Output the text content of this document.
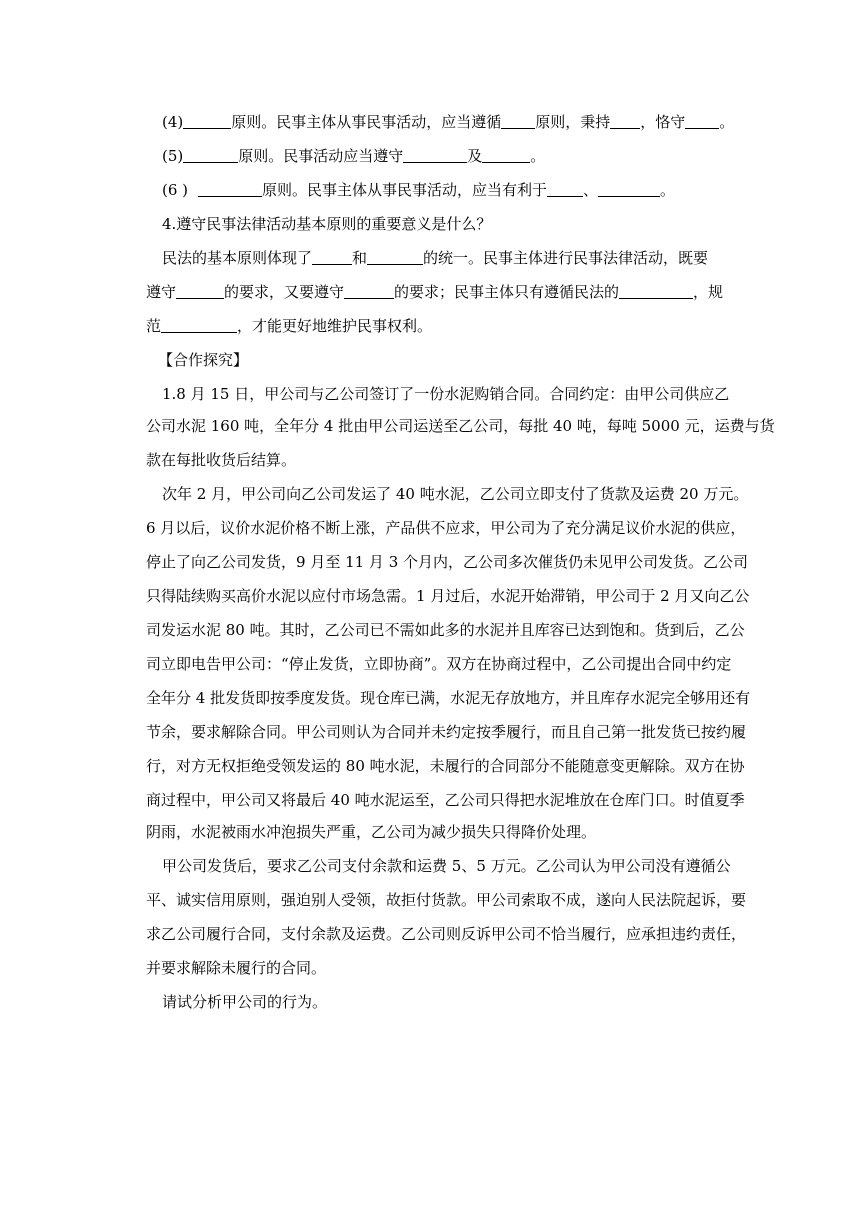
(4)	原则。民事主体从事民事活动，应当遵循 原则，秉持 ，恪守 。
(5)	原则。民事活动应当遵守	及	。
(6 )	原则。民事主体从事民事活动，应当有利于 、	。
4.遵守民事法律活动基本原则的重要意义是什么？
民法的基本原则体现了	和	的统一。民事主体进行民事法律活动，既要
遵守	的要求，又要遵守	的要求；民事主体只有遵循民法的	，规
范	，才能更好地维护民事权利。
【合作探究】
1.8 月 15 日，甲公司与乙公司签订了一份水泥购销合同。合同约定：由甲公司供应乙
公司水泥 160 吨，全年分 4 批由甲公司运送至乙公司，每批 40 吨，每吨 5000 元，运费与货
款在每批收货后结算。
次年 2 月，甲公司向乙公司发运了 40 吨水泥，乙公司立即支付了货款及运费 20 万元。
6 月以后，议价水泥价格不断上涨，产品供不应求，甲公司为了充分满足议价水泥的供应，
停止了向乙公司发货，9 月至 11 月 3 个月内，乙公司多次催货仍未见甲公司发货。乙公司
只得陆续购买高价水泥以应付市场急需。1 月过后，水泥开始滞销，甲公司于 2 月又向乙公
司发运水泥 80 吨。其时，乙公司已不需如此多的水泥并且库容已达到饱和。货到后，乙公
司立即电告甲公司：“停止发货，立即协商”。双方在协商过程中，乙公司提出合同中约定
全年分 4 批发货即按季度发货。现仓库已满，水泥无存放地方，并且库存水泥完全够用还有
节余，要求解除合同。甲公司则认为合同并未约定按季履行，而且自己第一批发货已按约履
行，对方无权拒绝受领发运的 80 吨水泥，未履行的合同部分不能随意变更解除。双方在协
商过程中，甲公司又将最后 40 吨水泥运至，乙公司只得把水泥堆放在仓库门口。时值夏季
阴雨，水泥被雨水冲泡损失严重，乙公司为减少损失只得降价处理。
甲公司发货后，要求乙公司支付余款和运费 5、5 万元。乙公司认为甲公司没有遵循公
平、诚实信用原则，强迫别人受领，故拒付货款。甲公司索取不成，遂向人民法院起诉，要
求乙公司履行合同，支付余款及运费。乙公司则反诉甲公司不恰当履行，应承担违约责任，
并要求解除未履行的合同。
请试分析甲公司的行为。
